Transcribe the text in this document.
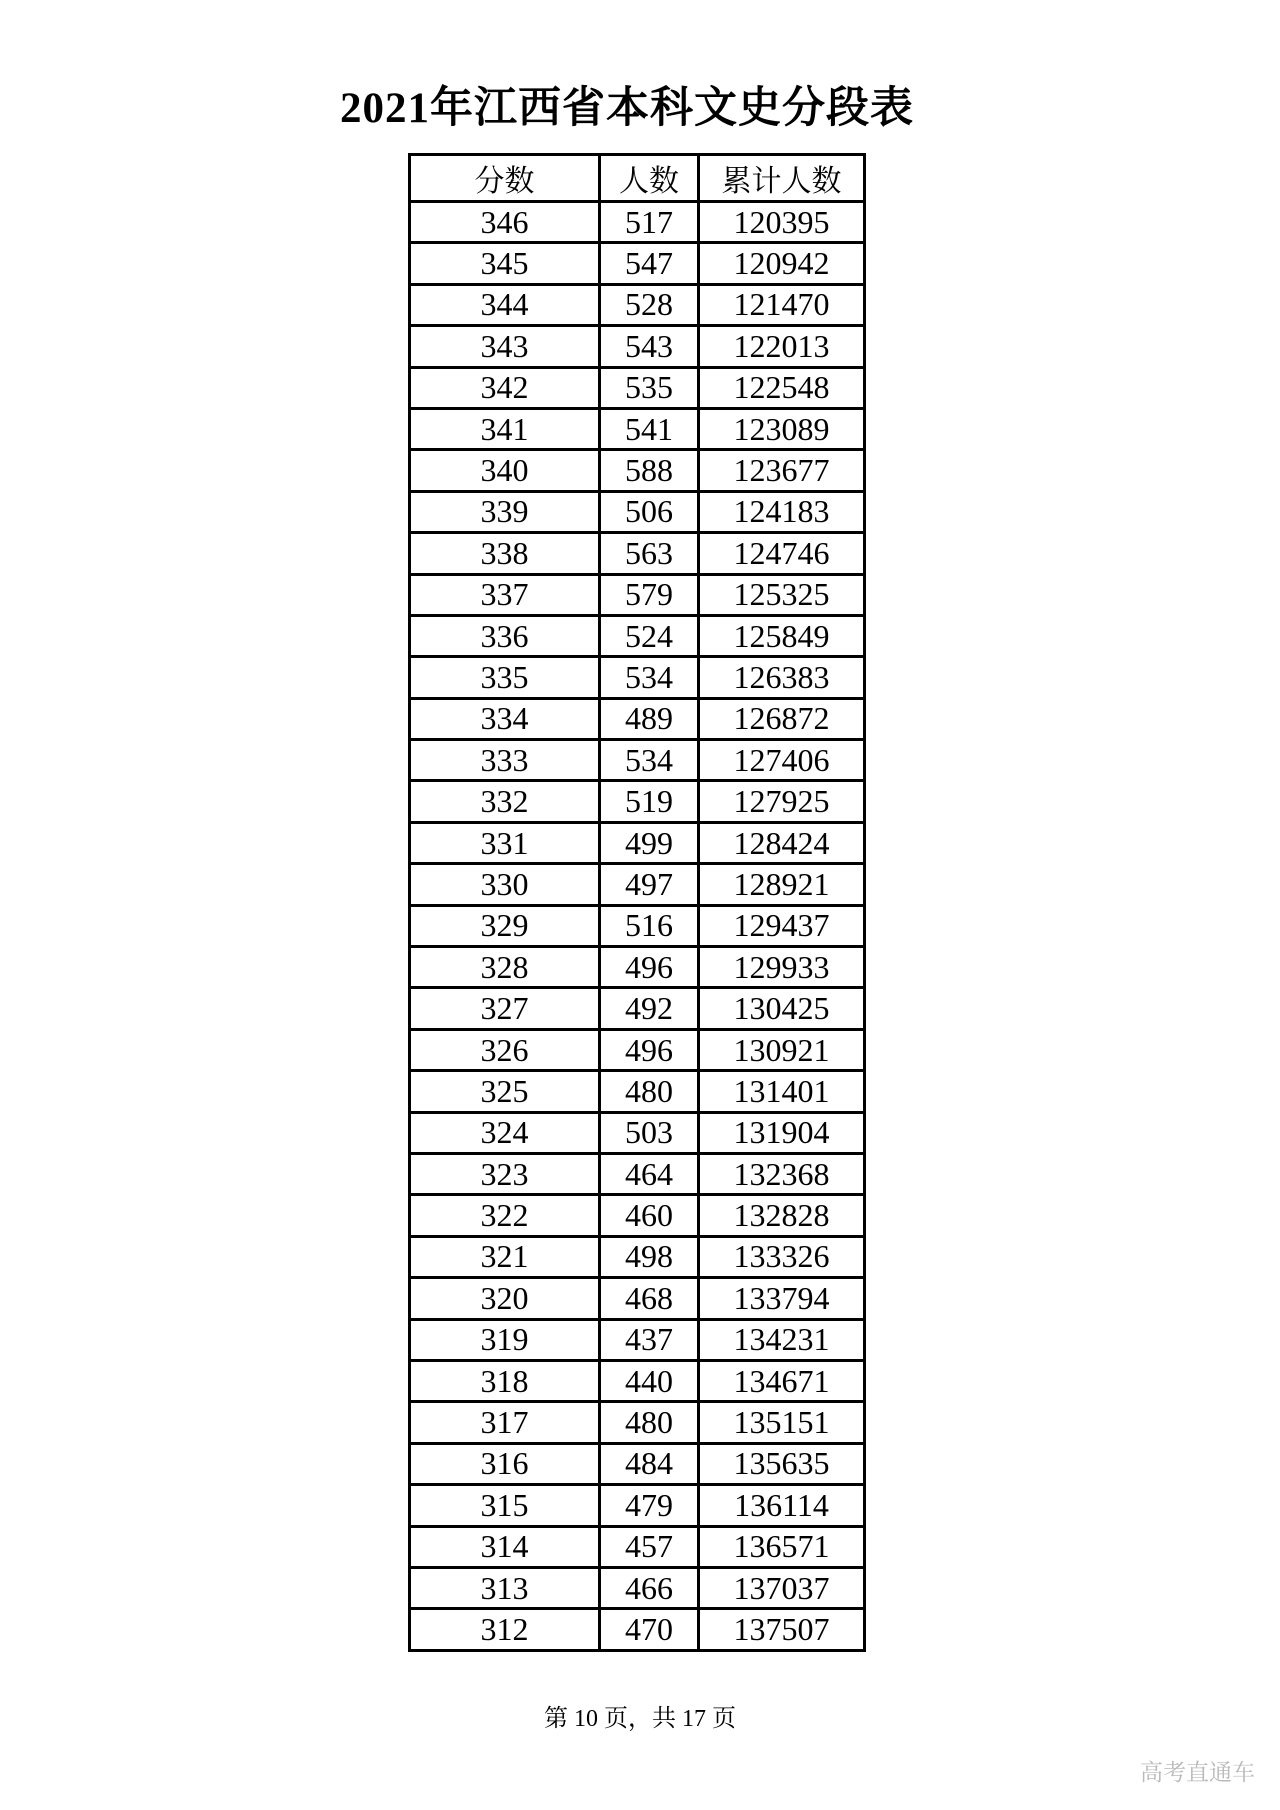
2021年江西省本科文史分段表
分数	人数	累计人数
346	517	120395
345	547	120942
344	528	121470
343	543	122013
342	535	122548
341	541	123089
340	588	123677
339	506	124183
338	563	124746
337	579	125325
336	524	125849
335	534	126383
334	489	126872
333	534	127406
332	519	127925
331	499	128424
330	497	128921
329	516	129437
328	496	129933
327	492	130425
326	496	130921
325	480	131401
324	503	131904
323	464	132368
322	460	132828
321	498	133326
320	468	133794
319	437	134231
318	440	134671
317	480	135151
316	484	135635
315	479	136114
314	457	136571
313	466	137037
312	470	137507
第 10 页，共 17 页
高考直通车
